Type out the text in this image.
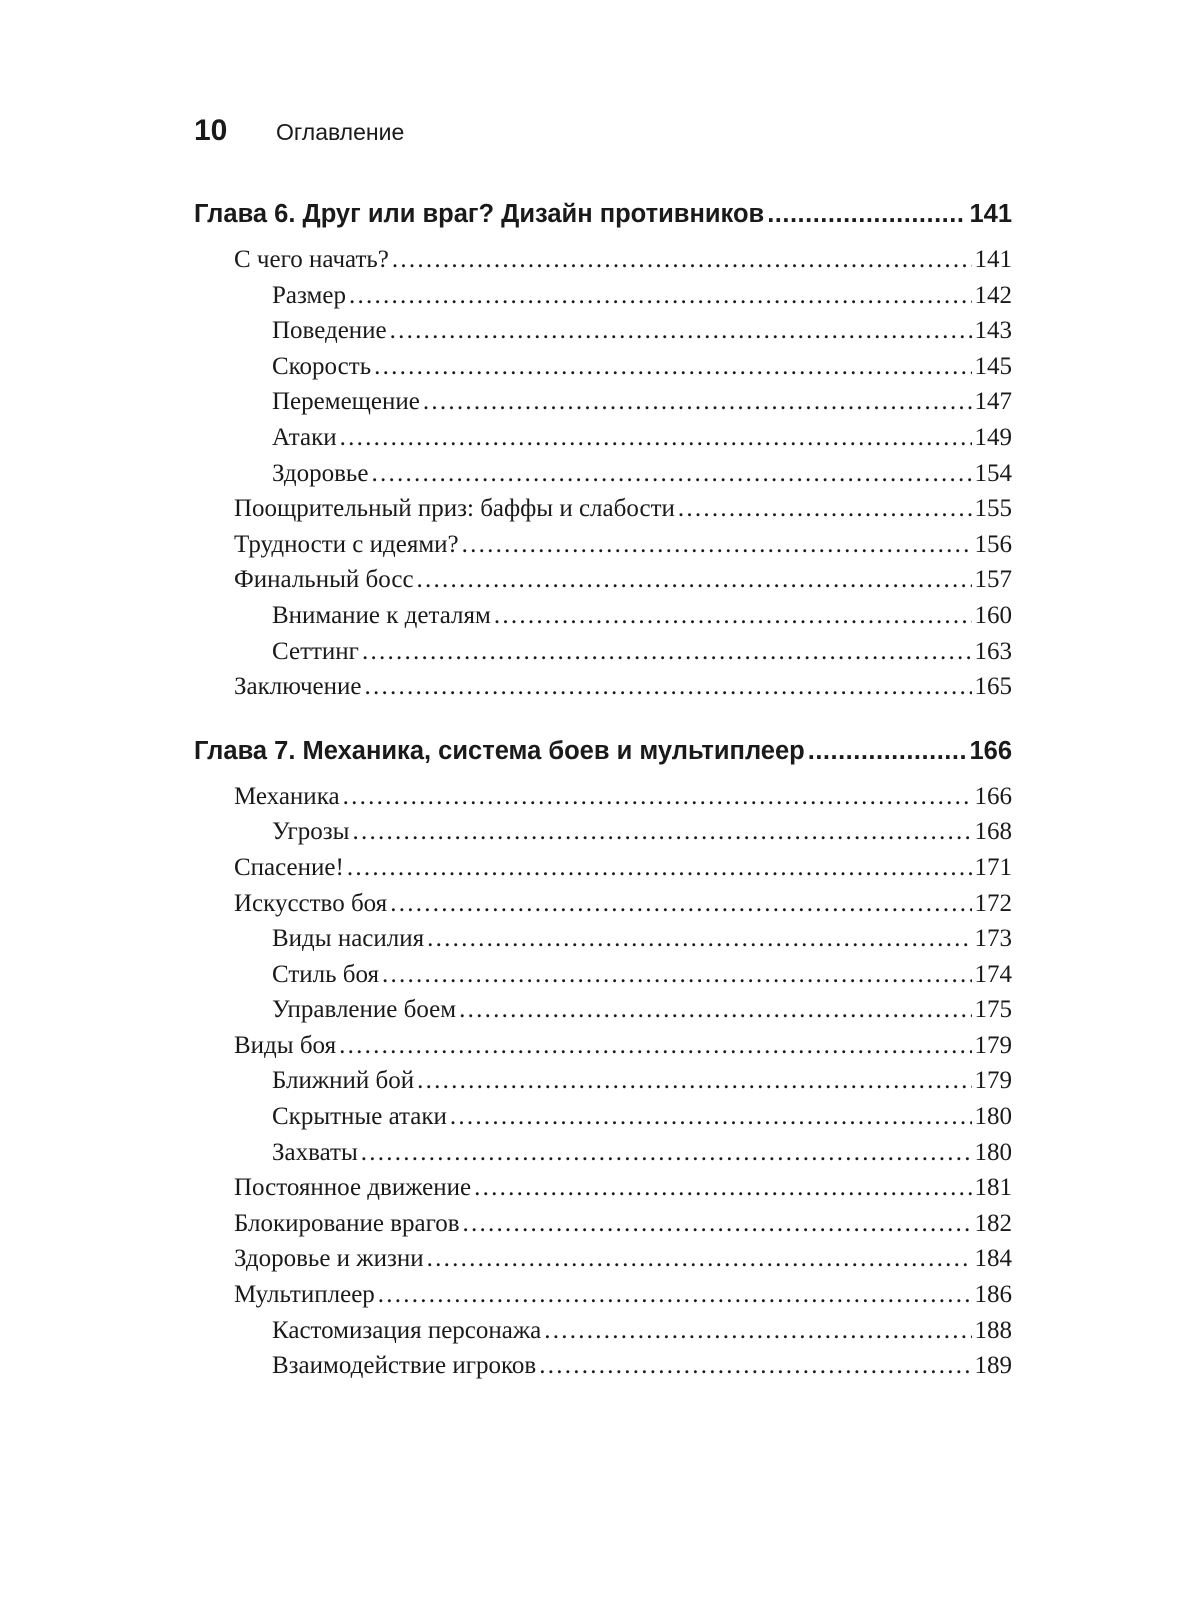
10	Оглавление
Глава 6. Друг или враг? Дизайн противников .....	141
С чего начать? . . .	141
Размер . . .	142
Поведение . . .	143
Скорость . . .	145
Перемещение . . .	147
Атаки . . .	149
Здоровье . . .	154
Поощрительный приз: баффы и слабости . . .	155
Трудности с идеями? . . .	156
Финальный босс . . .	157
Внимание к деталям . . .	160
Сеттинг . . .	163
Заключение . . .	165
Глава 7. Механика, система боев и мультиплеер .....	166
Механика . . .	166
Угрозы . . .	168
Спасение! . . .	171
Искусство боя . . .	172
Виды насилия . . .	173
Стиль боя . . .	174
Управление боем . . .	175
Виды боя . . .	179
Ближний бой . . .	179
Скрытные атаки . . .	180
Захваты . . .	180
Постоянное движение . . .	181
Блокирование врагов . . .	182
Здоровье и жизни . . .	184
Мультиплеер . . .	186
Кастомизация персонажа . . .	188
Взаимодействие игроков . . .	189
